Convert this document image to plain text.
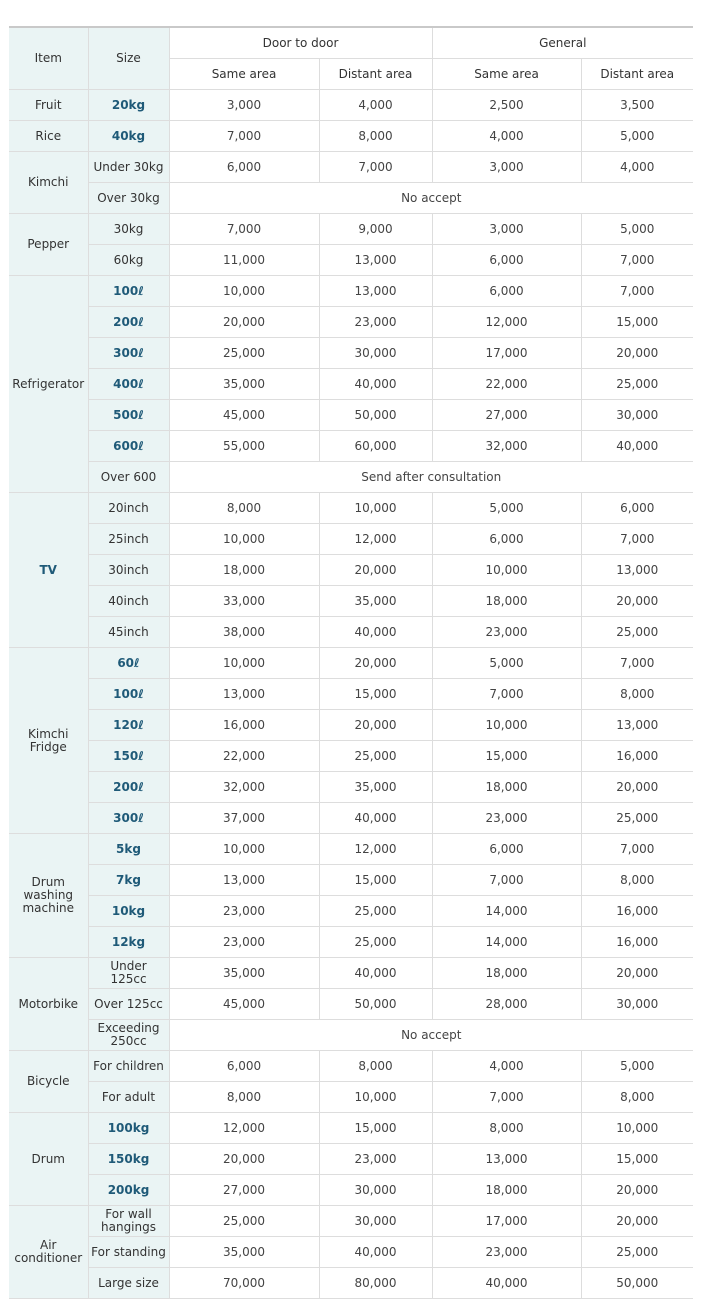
Item	Size	Door to door		General	
		Same area	Distant area	Same area	Distant area
Fruit	20kg	3,000	4,000	2,500	3,500
Rice	40kg	7,000	8,000	4,000	5,000
Kimchi	Under 30kg	6,000	7,000	3,000	4,000
	Over 30kg	No accept			
Pepper	30kg	7,000	9,000	3,000	5,000
	60kg	11,000	13,000	6,000	7,000
Refrigerator	100ℓ	10,000	13,000	6,000	7,000
	200ℓ	20,000	23,000	12,000	15,000
	300ℓ	25,000	30,000	17,000	20,000
	400ℓ	35,000	40,000	22,000	25,000
	500ℓ	45,000	50,000	27,000	30,000
	600ℓ	55,000	60,000	32,000	40,000
	Over 600	Send after consultation			
TV	20inch	8,000	10,000	5,000	6,000
	25inch	10,000	12,000	6,000	7,000
	30inch	18,000	20,000	10,000	13,000
	40inch	33,000	35,000	18,000	20,000
	45inch	38,000	40,000	23,000	25,000
Kimchi Fridge	60ℓ	10,000	20,000	5,000	7,000
	100ℓ	13,000	15,000	7,000	8,000
	120ℓ	16,000	20,000	10,000	13,000
	150ℓ	22,000	25,000	15,000	16,000
	200ℓ	32,000	35,000	18,000	20,000
	300ℓ	37,000	40,000	23,000	25,000
Drum washing machine	5kg	10,000	12,000	6,000	7,000
	7kg	13,000	15,000	7,000	8,000
	10kg	23,000	25,000	14,000	16,000
	12kg	23,000	25,000	14,000	16,000
Motorbike	Under 125cc	35,000	40,000	18,000	20,000
	Over 125cc	45,000	50,000	28,000	30,000
	Exceeding 250cc	No accept			
Bicycle	For children	6,000	8,000	4,000	5,000
	For adult	8,000	10,000	7,000	8,000
Drum	100kg	12,000	15,000	8,000	10,000
	150kg	20,000	23,000	13,000	15,000
	200kg	27,000	30,000	18,000	20,000
Air conditioner	For wall hangings	25,000	30,000	17,000	20,000
	For standing	35,000	40,000	23,000	25,000
	Large size	70,000	80,000	40,000	50,000
